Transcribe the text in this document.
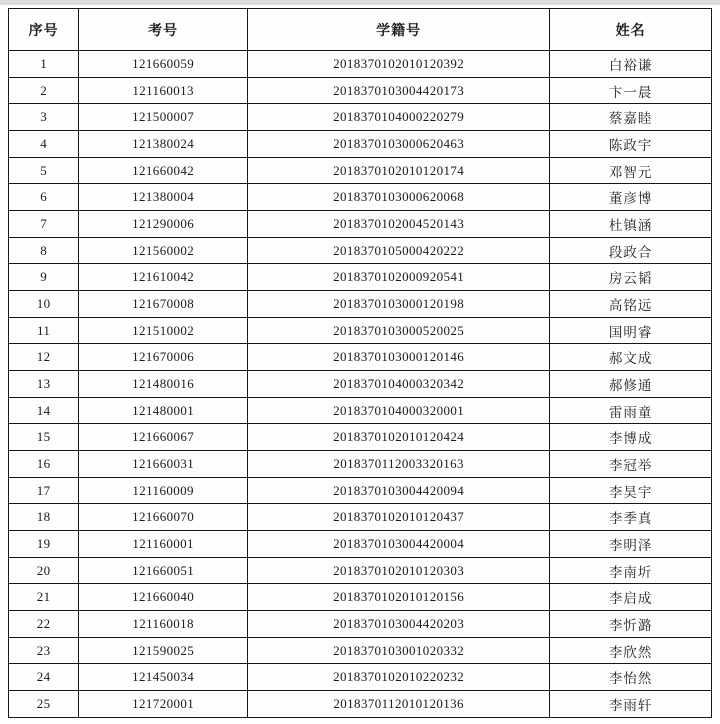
序号	考号	学籍号	姓名
1	121660059	2018370102010120392	白裕谦
2	121160013	2018370103004420173	卞一晨
3	121500007	2018370104000220279	蔡嘉睦
4	121380024	2018370103000620463	陈政宇
5	121660042	2018370102010120174	邓智元
6	121380004	2018370103000620068	董彦博
7	121290006	2018370102004520143	杜镇涵
8	121560002	2018370105000420222	段政合
9	121610042	2018370102000920541	房云韬
10	121670008	2018370103000120198	高铭远
11	121510002	2018370103000520025	国明睿
12	121670006	2018370103000120146	郝文成
13	121480016	2018370104000320342	郝修通
14	121480001	2018370104000320001	雷雨童
15	121660067	2018370102010120424	李博成
16	121660031	2018370112003320163	李冠举
17	121160009	2018370103004420094	李昊宇
18	121660070	2018370102010120437	李季真
19	121160001	2018370103004420004	李明泽
20	121660051	2018370102010120303	李南圻
21	121660040	2018370102010120156	李启成
22	121160018	2018370103004420203	李忻潞
23	121590025	2018370103001020332	李欣然
24	121450034	2018370102010220232	李怡然
25	121720001	2018370112010120136	李雨轩
